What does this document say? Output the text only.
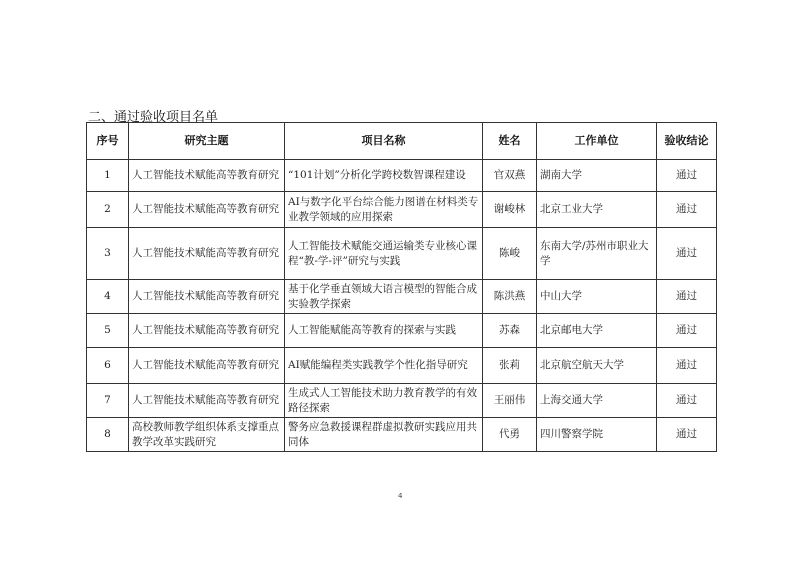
二、通过验收项目名单
序号	研究主题	项目名称	姓名	工作单位	验收结论
1	人工智能技术赋能高等教育研究	“101计划”分析化学跨校数智课程建设	官双燕	湖南大学	通过
2	人工智能技术赋能高等教育研究	AI与数字化平台综合能力图谱在材料类专业教学领域的应用探索	谢峻林	北京工业大学	通过
3	人工智能技术赋能高等教育研究	人工智能技术赋能交通运输类专业核心课程“教-学-评”研究与实践	陈峻	东南大学/苏州市职业大学	通过
4	人工智能技术赋能高等教育研究	基于化学垂直领域大语言模型的智能合成实验教学探索	陈洪燕	中山大学	通过
5	人工智能技术赋能高等教育研究	人工智能赋能高等教育的探索与实践	苏森	北京邮电大学	通过
6	人工智能技术赋能高等教育研究	AI赋能编程类实践教学个性化指导研究	张莉	北京航空航天大学	通过
7	人工智能技术赋能高等教育研究	生成式人工智能技术助力教育教学的有效路径探索	王丽伟	上海交通大学	通过
8	高校教师教学组织体系支撑重点教学改革实践研究	警务应急救援课程群虚拟教研实践应用共同体	代勇	四川警察学院	通过
4
